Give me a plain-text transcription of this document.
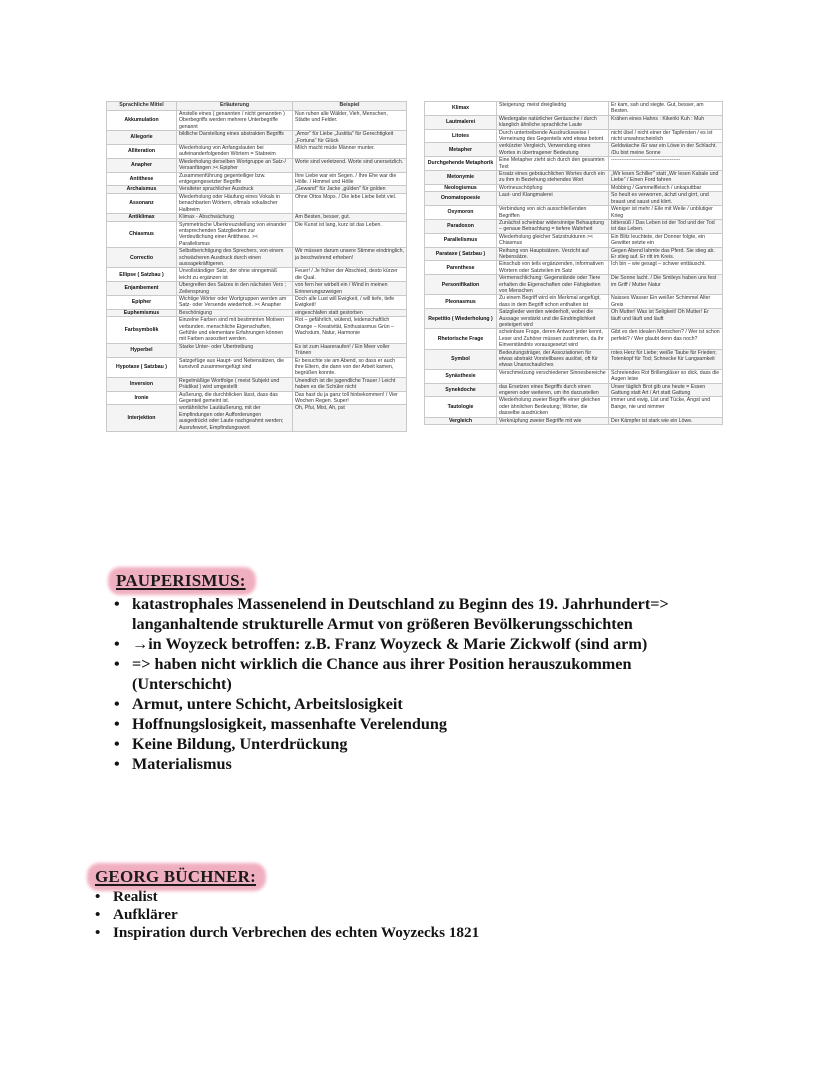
Sprachliche Mittel	Erläuterung	Beispiel
Akkumulation	Anstelle eines ( genannten / nicht genannten ) Oberbegriffs werden mehrere Unterbegriffe genannt	Nun ruhen alle Wälder, Vieh, Menschen, Städte und Felder.
Allegorie	bildliche Darstellung eines abstrakten Begriffs	„Amor" für Liebe „Justitia" für Gerechtigkeit „Fortuna" für Glück
Alliteration	Wiederholung von Anfangslauten bei aufeinanderfolgenden Wörtern = Stabreim	Milch macht müde Männer munter.
Anapher	Wiederholung derselben Wortgruppe an Satz-/ Versanfängen >< Epipher	Worte sind verletzend. Worte sind unersetzlich.
Antithese	Zusammenführung gegenteiliger bzw. entgegengesetzter Begriffe	Ihre Liebe war ein Segen. / Ihre Ehe war die Hölle. / Himmel und Hölle
Archaismus	Veralteter sprachlicher Ausdruck	„Gewand" für Jacke „gülden" für golden
Assonanz	Wiederholung oder Häufung eines Vokals in benachbarten Wörtern, oftmals vokalischer Halbreim	Ohne Ottos Mops. / Die lebe Liebe liebt viel.
Antiklimax	Klimax - Abschwächung	Am Besten, besser, gut.
Chiasmus	Symmetrische Überkreuzstellung von einander entsprechenden Satzgliedern zur Verdeutlichung einer Antithese. >< Parallelismus	Die Kunst ist lang, kurz ist das Leben.
Correctio	Selbstberichtigung des Sprechers, von einem schwächeren Ausdruck durch einen aussagekräftigeren.	Wir müssen darum unsere Stimme eindringlich, ja beschwörend erheben!
Ellipse ( Satzbau )	Unvollständiger Satz, der ohne sinngemäß leicht zu ergänzen ist	Feuer! / Je früher der Abschied, desto kürzer die Qual.
Enjambement	Übergreifen des Satzes in den nächsten Vers ; Zeilensprung	von fern her wirbelt ein / Wind in meinen Erinnerungszweigen
Epipher	Wichtige Wörter oder Wortgruppen werden am Satz- oder Versende wiederholt. >< Anapher	Doch alle Lust will Ewigkeit, / will tiefe, tiefe Ewigkeit!
Euphemismus	Beschönigung	eingeschlafen statt gestorben
Farbsymbolik	Einzelne Farben sind mit bestimmten Motiven verbunden. menschliche Eigenschaften, Gefühle und elementare Erfahrungen können mit Farben assoziiert werden.	Rot – gefährlich, wütend, leidenschaftlich Orange – Kreativität, Enthusiasmus Grün – Wachstum, Natur, Harmonie
Hyperbel	Starke Unter- oder Übertreibung	Es ist zum Haareraufen! / Ein Meer voller Tränen
Hypotaxe ( Satzbau )	Satzgefüge aus Haupt- und Nebensätzen, die kunstvoll zusammengefügt sind	Er besuchte sie am Abend, so dass er auch ihre Eltern, die dann von der Arbeit kamen, begrüßen konnte.
Inversion	Regelmäßige Wortfolge ( meist Subjekt und Prädikat ) wird umgestellt	Unendlich ist die jugendliche Trauer / Leicht haben es die Schüler nicht
Ironie	Äußerung, die durchblicken lässt, dass das Gegenteil gemeint ist.	Das hast du ja ganz toll hinbekommen! / Vier Wochen Regen. Super!
Interjektion	wortähnliche Lautäußerung, mit der Empfindungen oder Aufforderungen ausgedrückt oder Laute nachgeahmt werden; Ausrufewort, Empfindungswort	Oh, Pfui, Mist, Ah, pst
Klimax	Steigerung: meist dreigliedrig	Er kam, sah und siegte. Gut, besser, am Besten.
Lautmalerei	Wiedergabe natürlicher Geräusche / durch klanglich ähnliche sprachliche Laute	Krähen eines Hahns : Kikeriki Kuh : Muh
Litotes	Durch untertreibende Ausdrucksweise / Verneinung des Gegenteils wird etwas betont	nicht übel / nicht einer der Tapfersten / es ist nicht unwahrscheinlich
Metapher	verkürzter Vergleich, Verwendung eines Wortes in übertragener Bedeutung	Geldwäsche /Er war ein Löwe in der Schlacht. /Du bist meine Sonne
Durchgehende Metaphorik	Eine Metapher zieht sich durch den gesamten Text	----------------------------------------
Metonymie	Ersatz eines gebräuchlichen Wortes durch ein zu ihm in Beziehung stehendes Wort	„Wir lesen Schiller" statt „Wir lesen Kabale und Liebe" / Einen Ford fahren
Neologismus	Wortneuschöpfung	Mobbing / Gammelfleisch / unkaputtbar
Onomatopoesie	Laut- und Klangmalerei	So heult es verworren, ächzt und girrt, und braust und saust und klirrt.
Oxymoron	Verbindung von sich ausschließenden Begriffen	Weniger ist mehr / Eile mit Weile / unblutiger Krieg
Paradoxon	Zunächst scheinbar widersinnige Behauptung – genaue Betrachtung = tiefere Wahrheit	bittersüß / Das Leben ist der Tod und der Tod ist das Leben.
Parallelismus	Wiederholung gleicher Satzstrukturen >< Chiasmus	Ein Blitz leuchtete, der Donner folgte, ein Gewitter setzte ein
Parataxe ( Satzbau )	Reihung von Hauptsätzen. Verzicht auf Nebensätze.	Gegen Abend lahmte das Pferd. Sie stieg ab. Er stieg auf. Er ritt im Kreis.
Parenthese	Einschub von teils ergänzenden, informativen Wörtern oder Satzteilen im Satz	Ich bin – wie gesagt – schwer enttäuscht.
Personifikation	Vermenschlichung: Gegenstände oder Tiere erhalten die Eigenschaften oder Fähigkeiten von Menschen	Die Sonne lacht. / Die Smileys haben uns fest im Griff / Mutter Natur
Pleonasmus	Zu einem Begriff wird ein Merkmal angefügt, dass in dem Begriff schon enthalten ist	Naisses Wasser Ein weißer Schimmel Alter Greis
Repetitio ( Wiederholung )	Satzglieder werden wiederholt, wobei die Aussage verstärkt und die Eindringlichkeit gesteigert wird	Oh Mutter! Was ist Seligkeit! Oh Mutter! Er läuft und läuft und läuft
Rhetorische Frage	scheinbare Frage, deren Antwort jeder kennt, Leser und Zuhörer müssen zustimmen, da ihr Einverständnis vorausgesetzt wird	Gibt es den idealen Menschen? / Wer ist schon perfekt? / Wer glaubt denn das noch?
Symbol	Bedeutungsträger, der Assoziationen für etwas abstrakt Vorstellbares auslöst, oft für etwas Unanschauliches	rotes Herz für Liebe; weiße Taube für Frieden; Totenkopf für Tod; Schnecke für Langsamkeit
Synästhesie	Verschmelzung verschiedener Sinnesbereiche	Schreiendes Rot Brillengläser so dick, dass die Augen leise
Synekdoche	das Ersetzen eines Begriffs durch einen engeren oder weiteren, um ihn darzustellen	Unser täglich Brot gib uns heute = Essen Gattung statt Art / Art statt Gattung
Tautologie	Wiederholung zweier Begriffe einer gleichen oder ähnlichen Bedeutung; Wörter, die dasselbe ausdrücken	immer und ewig, List und Tücke, Angst und Bange, nie und nimmer
Vergleich	Verknüpfung zweier Begriffe mit wie	Der Kämpfer ist stark wie ein Löwe.
PAUPERISMUS:
• katastrophales Massenelend in Deutschland zu Beginn des 19. Jahrhundert=> langanhaltende strukturelle Armut von größeren Bevölkerungsschichten
• →in Woyzeck betroffen: z.B. Franz Woyzeck & Marie Zickwolf (sind arm)
• => haben nicht wirklich die Chance aus ihrer Position herauszukommen (Unterschicht)
• Armut, untere Schicht, Arbeitslosigkeit
• Hoffnungslosigkeit, massenhafte Verelendung
• Keine Bildung, Unterdrückung
• Materialismus
GEORG BÜCHNER:
• Realist
• Aufklärer
• Inspiration durch Verbrechen des echten Woyzecks 1821
